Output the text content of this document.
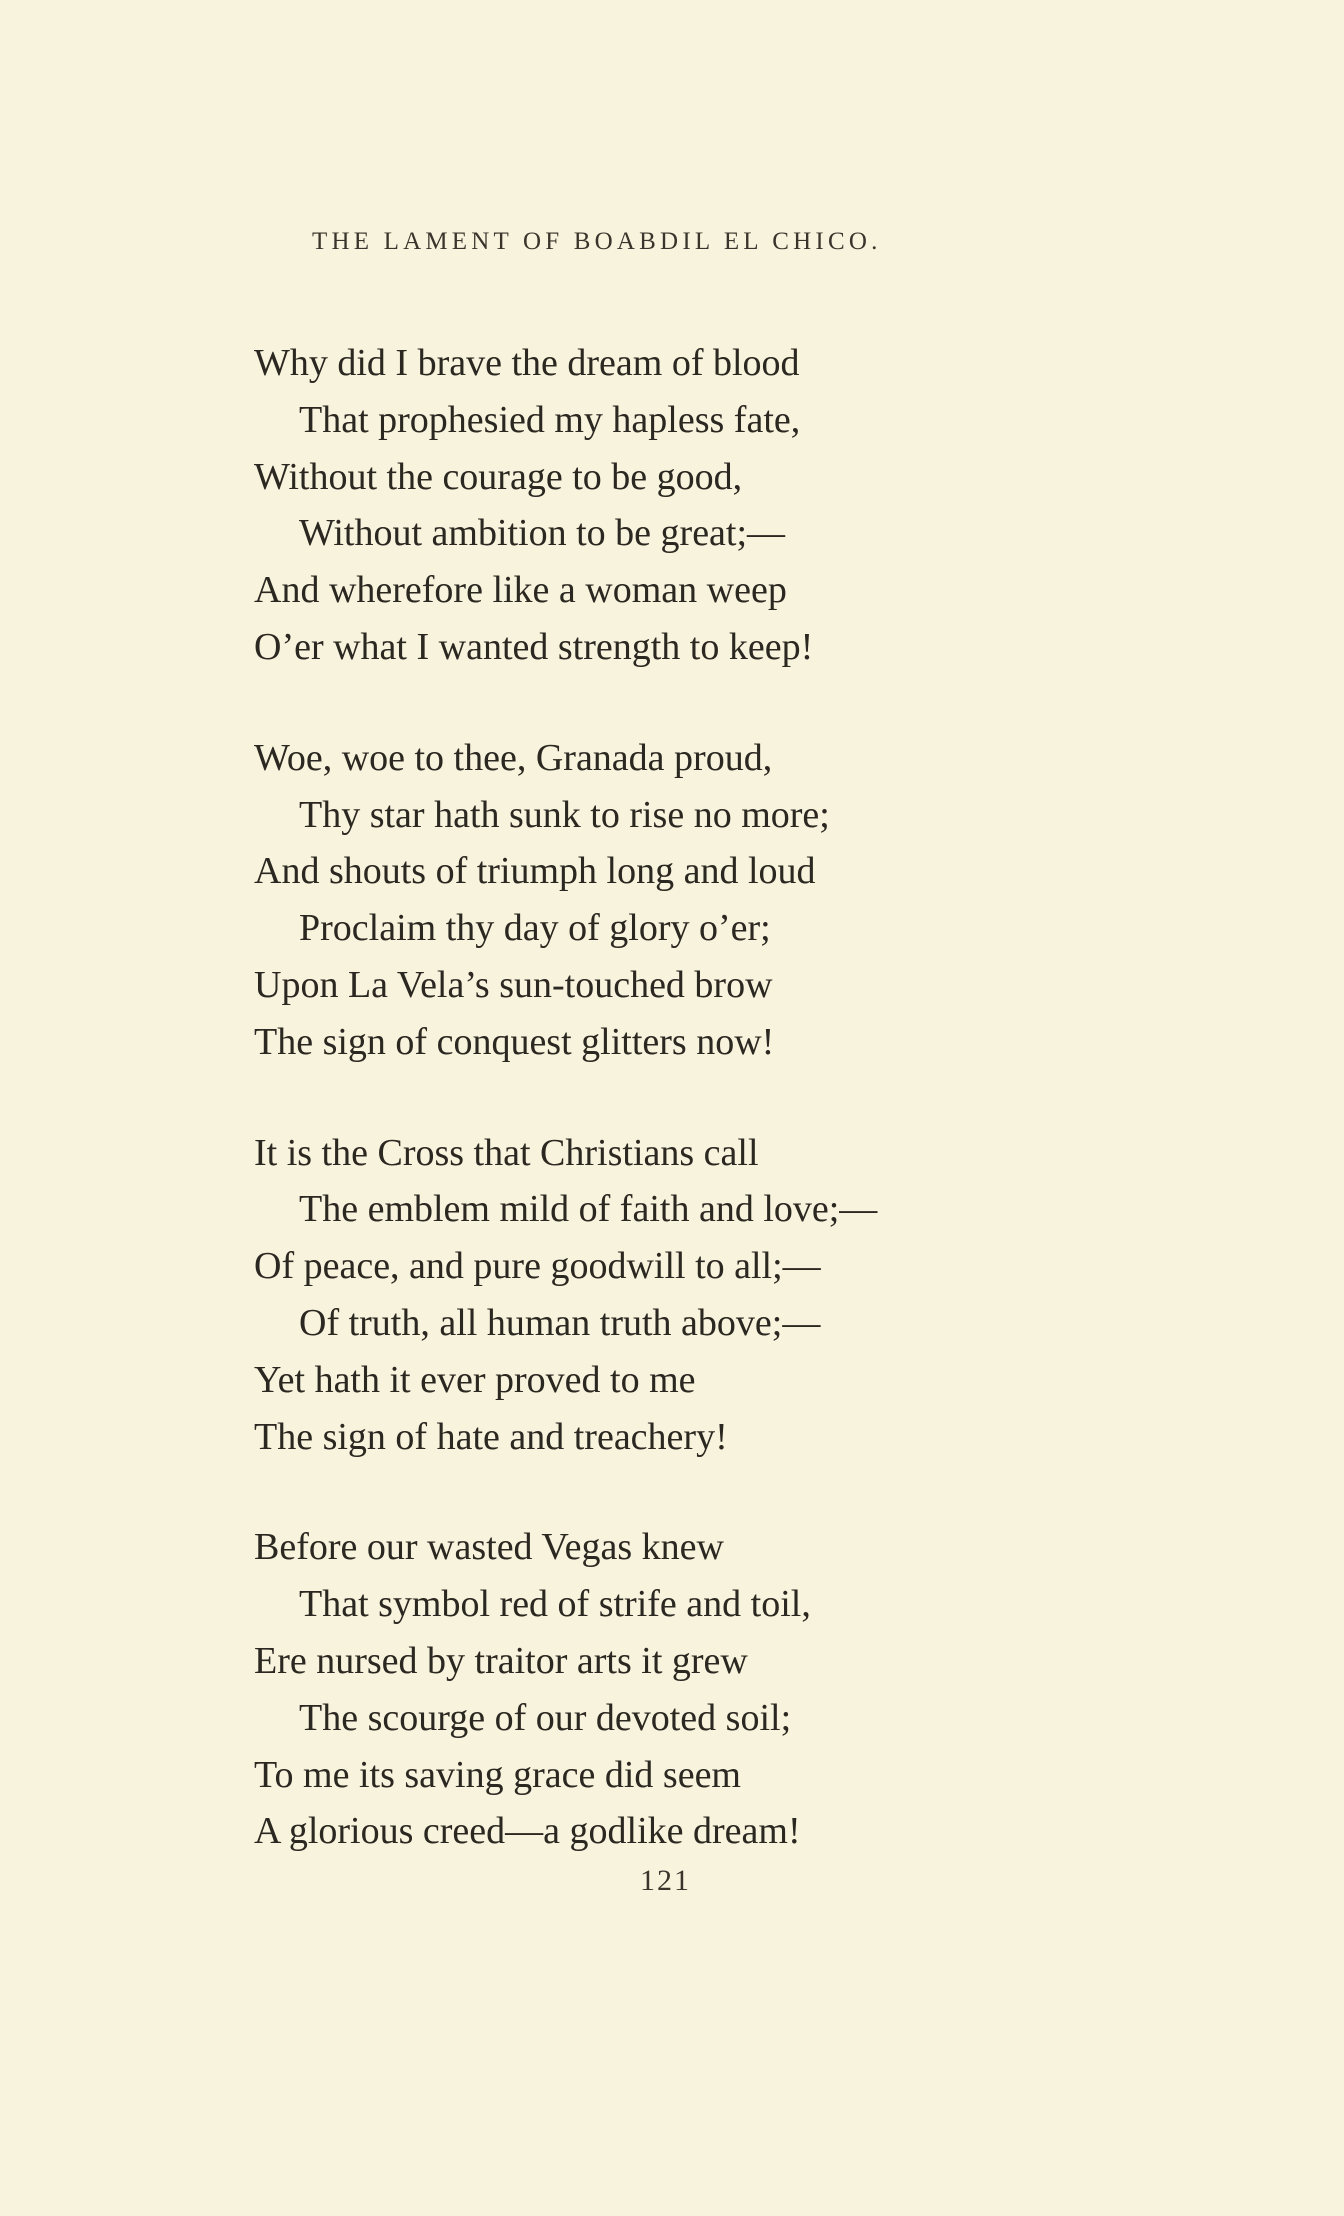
THE LAMENT OF BOABDIL EL CHICO.
Why did I brave the dream of blood
That prophesied my hapless fate,
Without the courage to be good,
Without ambition to be great;—
And wherefore like a woman weep
O’er what I wanted strength to keep!
Woe, woe to thee, Granada proud,
Thy star hath sunk to rise no more;
And shouts of triumph long and loud
Proclaim thy day of glory o’er;
Upon La Vela’s sun-touched brow
The sign of conquest glitters now!
It is the Cross that Christians call
The emblem mild of faith and love;—
Of peace, and pure goodwill to all;—
Of truth, all human truth above;—
Yet hath it ever proved to me
The sign of hate and treachery!
Before our wasted Vegas knew
That symbol red of strife and toil,
Ere nursed by traitor arts it grew
The scourge of our devoted soil;
To me its saving grace did seem
A glorious creed—a godlike dream!
121
